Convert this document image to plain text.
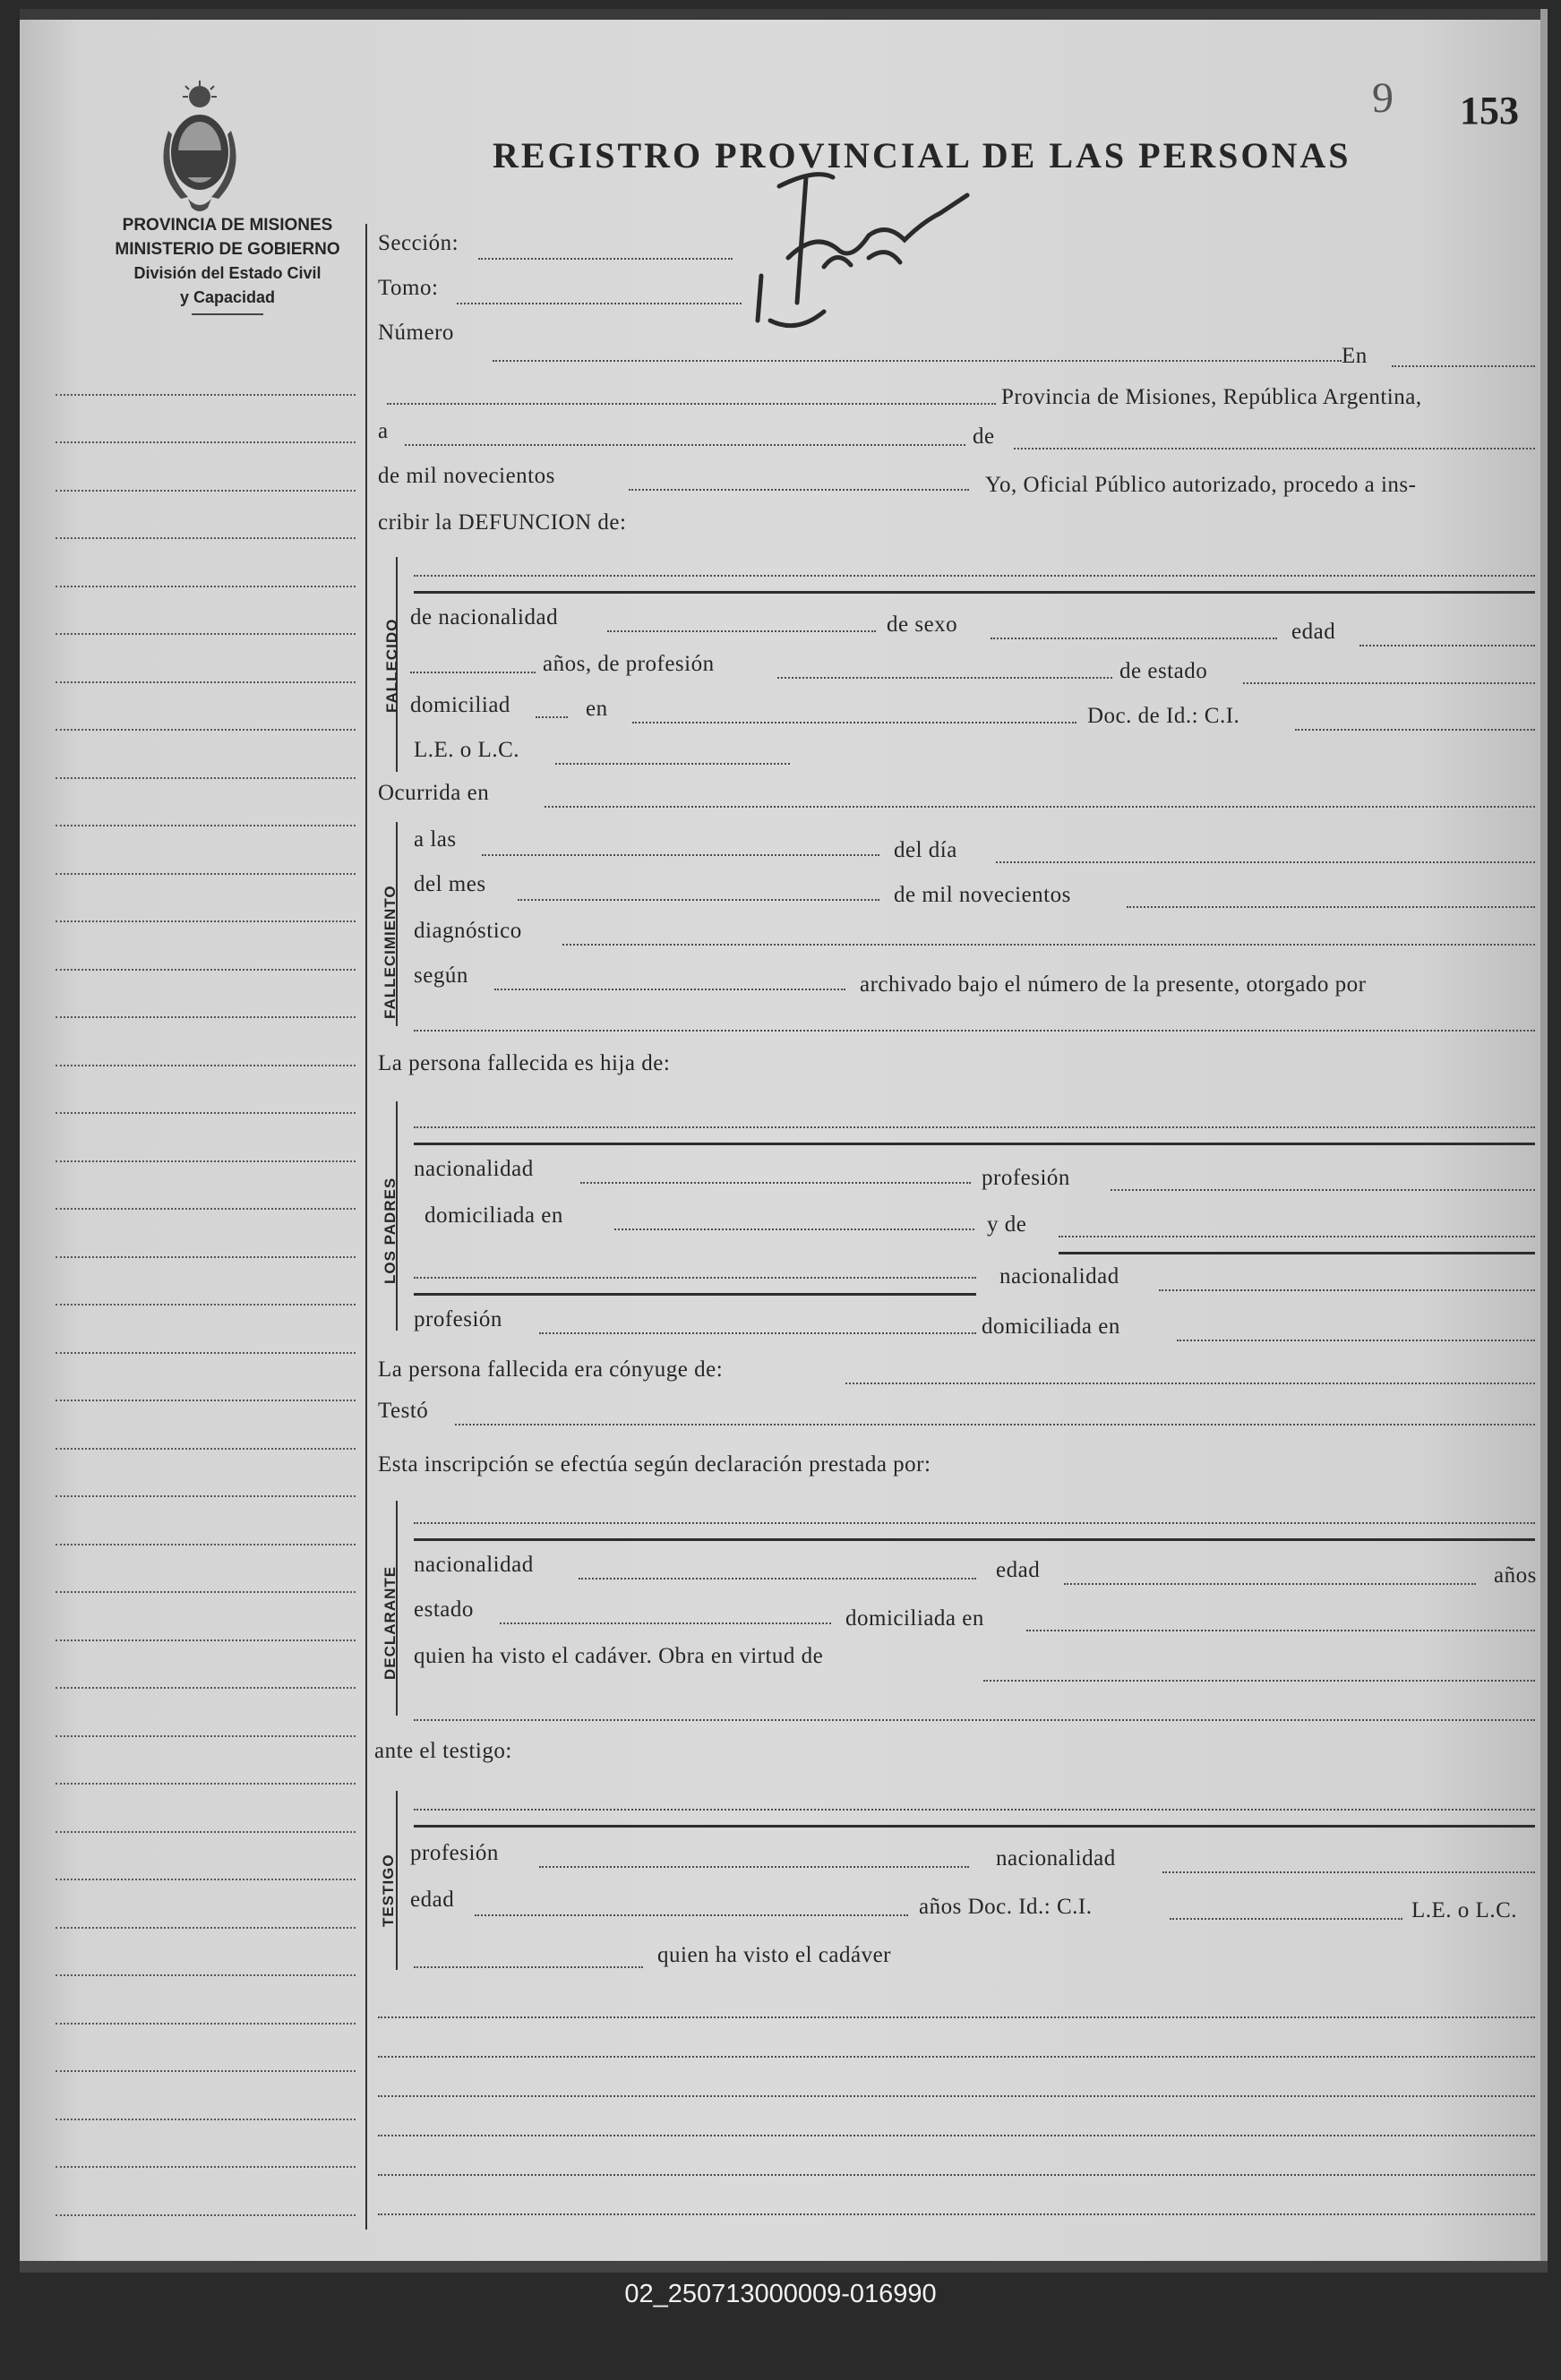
PROVINCIA DE MISIONES
MINISTERIO DE GOBIERNO
División del Estado Civil
y Capacidad
REGISTRO PROVINCIAL DE LAS PERSONAS
9 153
Sección:
Tomo:
Número
En
Provincia de Misiones, República Argentina,
a	de
de mil novecientos	Yo, Oficial Público autorizado, procedo a ins-
cribir la DEFUNCION de:
FALLECIDO
de nacionalidad	de sexo	edad
años, de profesión	de estado
domiciliad	en	Doc. de Id.: C.I.
L.E. o L.C.
Ocurrida en
FALLECIMIENTO
a las	del día
del mes	de mil novecientos
diagnóstico
según	archivado bajo el número de la presente, otorgado por
La persona fallecida es hija de:
LOS PADRES
nacionalidad	profesión
domiciliada en	y de
nacionalidad
profesión	domiciliada en
La persona fallecida era cónyuge de:
Testó
Esta inscripción se efectúa según declaración prestada por:
DECLARANTE
nacionalidad	edad	años
estado	domiciliada en
quien ha visto el cadáver. Obra en virtud de
ante el testigo:
TESTIGO
profesión	nacionalidad
edad	años Doc. Id.: C.I.	L.E. o L.C.
quien ha visto el cadáver
02_250713000009-016990
